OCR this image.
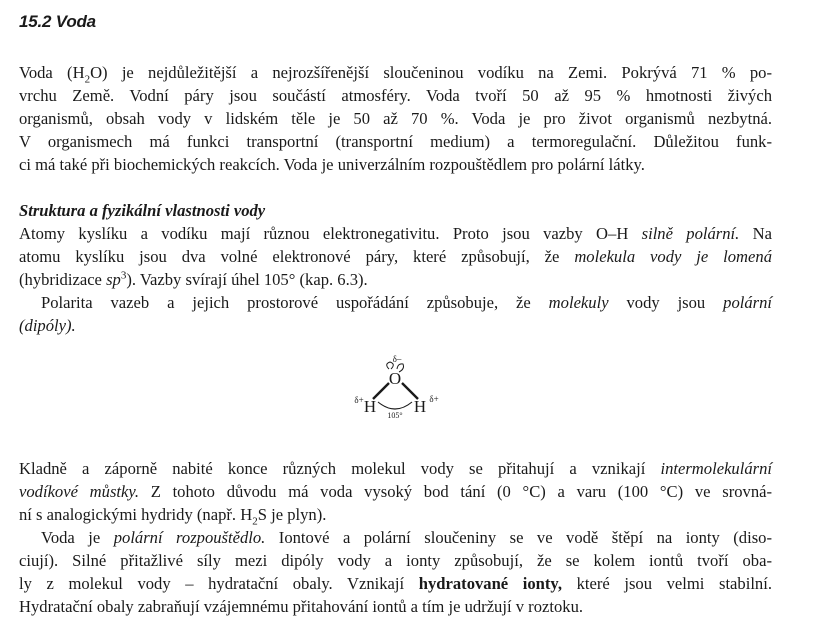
15.2 Voda
Voda $(H_2O)$ je nejdůležitější a nejrozšířenější sloučeninou vodíku na Zemi. Pokrývá 71 % po-
vrchu Země. Vodní páry jsou součástí atmosféry. Voda tvoří 50 až 95 % hmotnosti živých
organismů, obsah vody v lidském těle je 50 až 70 %. Voda je pro život organismů nezbytná.
V organismech má funkci transportní (transportní medium) a termoregulační. Důležitou funk-
ci má také při biochemických reakcích. Voda je univerzálním rozpouštědlem pro polární látky.
Struktura a fyzikální vlastnosti vody
Atomy kyslíku a vodíku mají různou elektronegativitu. Proto jsou vazby O–H silně polární. Na
atomu kyslíku jsou dva volné elektronové páry, které způsobují, že molekula vody je lomená
(hybridizace $sp^3$). Vazby svírají úhel 105° (kap. 6.3).
Polarita vazeb a jejich prostorové uspořádání způsobuje, že molekuly vody jsou polární
(dipóly).
O
H H
δ–
δ+	δ+
105°
Kladně a záporně nabité konce různých molekul vody se přitahují a vznikají intermolekulární
vodíkové můstky. Z tohoto důvodu má voda vysoký bod tání (0 °C) a varu (100 °C) ve srovná-
ní s analogickými hydridy (např. $H_2S$ je plyn).
Voda je polární rozpouštědlo. Iontové a polární sloučeniny se ve vodě štěpí na ionty (diso-
ciují). Silné přitažlivé síly mezi dipóly vody a ionty způsobují, že se kolem iontů tvoří oba-
ly z molekul vody – hydratační obaly. Vznikají hydratované ionty, které jsou velmi stabilní.
Hydratační obaly zabraňují vzájemnému přitahování iontů a tím je udržují v roztoku.
